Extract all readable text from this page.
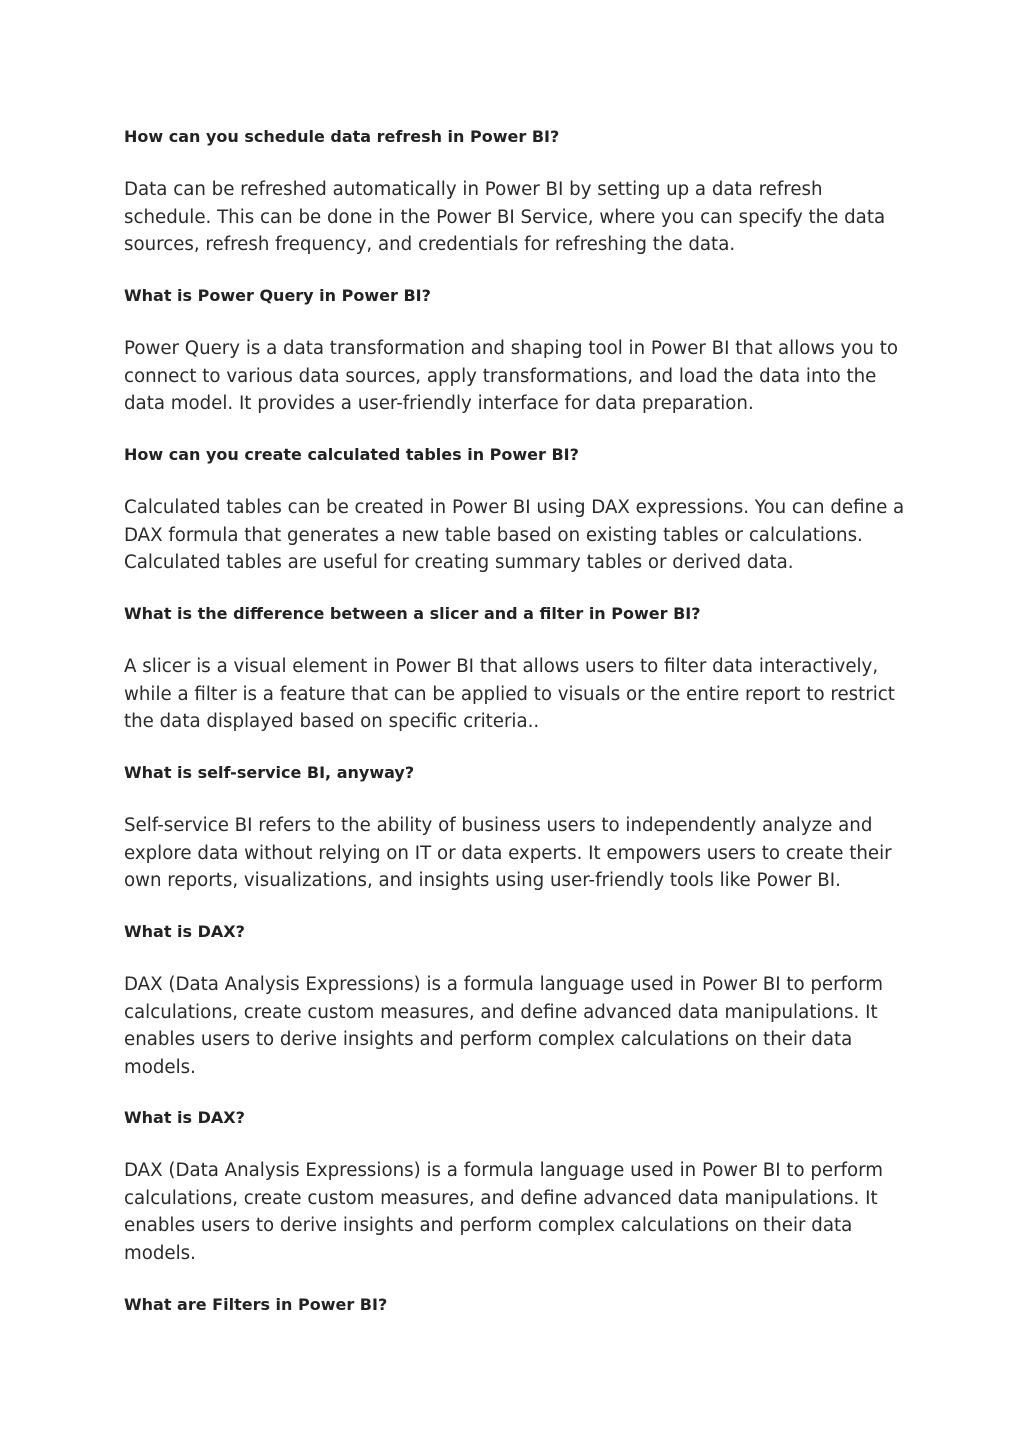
How can you schedule data refresh in Power BI?

Data can be refreshed automatically in Power BI by setting up a data refresh
schedule. This can be done in the Power BI Service, where you can specify the data
sources, refresh frequency, and credentials for refreshing the data.

What is Power Query in Power BI?

Power Query is a data transformation and shaping tool in Power BI that allows you to
connect to various data sources, apply transformations, and load the data into the
data model. It provides a user-friendly interface for data preparation.

How can you create calculated tables in Power BI?

Calculated tables can be created in Power BI using DAX expressions. You can define a
DAX formula that generates a new table based on existing tables or calculations.
Calculated tables are useful for creating summary tables or derived data.

What is the difference between a slicer and a filter in Power BI?

A slicer is a visual element in Power BI that allows users to filter data interactively,
while a filter is a feature that can be applied to visuals or the entire report to restrict
the data displayed based on specific criteria..

What is self-service BI, anyway?

Self-service BI refers to the ability of business users to independently analyze and
explore data without relying on IT or data experts. It empowers users to create their
own reports, visualizations, and insights using user-friendly tools like Power BI.

What is DAX?

DAX (Data Analysis Expressions) is a formula language used in Power BI to perform
calculations, create custom measures, and define advanced data manipulations. It
enables users to derive insights and perform complex calculations on their data
models.

What is DAX?

DAX (Data Analysis Expressions) is a formula language used in Power BI to perform
calculations, create custom measures, and define advanced data manipulations. It
enables users to derive insights and perform complex calculations on their data
models.

What are Filters in Power BI?
